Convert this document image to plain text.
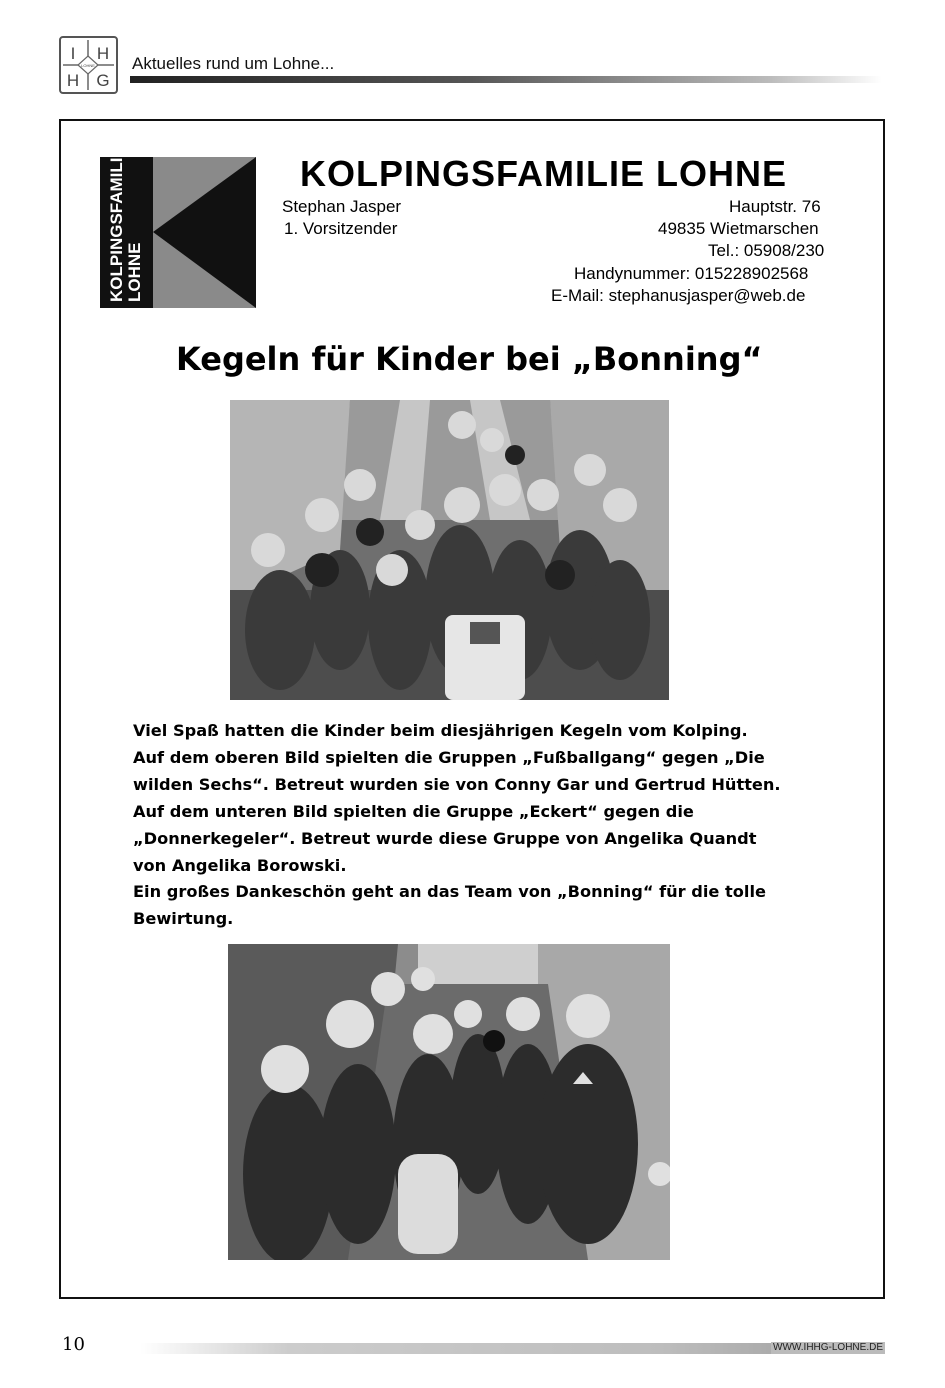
I H
H G
LOHNE Aktuelles rund um Lohne...
KOLPINGSFAMILIE LOHNE
KOLPINGSFAMILIE LOHNE
Stephan Jasper
1. Vorsitzender
Hauptstr. 76
49835 Wietmarschen
Tel.: 05908/230
Handynummer: 015228902568
E-Mail: stephanusjasper@web.de
Kegeln für Kinder bei „Bonning“

Viel Spaß hatten die Kinder beim diesjährigen Kegeln vom Kolping.

Auf dem oberen Bild spielten die Gruppen „Fußballgang“ gegen „Die

wilden Sechs“. Betreut wurden sie von Conny Gar und Gertrud Hütten.

Auf dem unteren Bild spielten die Gruppe „Eckert“ gegen die

„Donnerkegeler“. Betreut wurde diese Gruppe von Angelika Quandt

von Angelika Borowski.

Ein großes Dankeschön geht an das Team von „Bonning“ für die tolle

Bewirtung.

10	WWW.IHHG-LOHNE.DE
